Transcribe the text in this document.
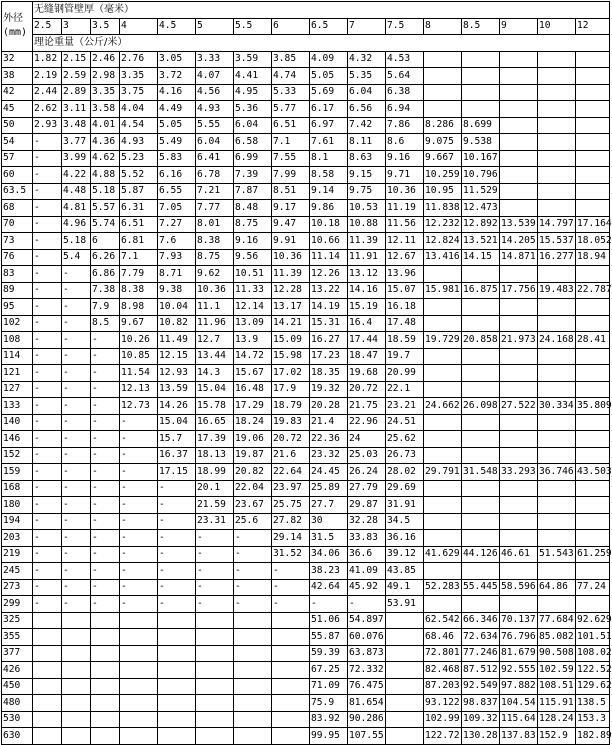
外径
(mm)	无缝钢管壁厚（毫米）															
	2.5	3	3.5	4	4.5	5	5.5	6	6.5	7	7.5	8	8.5	9	10	12
	理论重量（公斤/米）															
32	1.82	2.15	2.46	2.76	3.05	3.33	3.59	3.85	4.09	4.32	4.53					
38	2.19	2.59	2.98	3.35	3.72	4.07	4.41	4.74	5.05	5.35	5.64					
42	2.44	2.89	3.35	3.75	4.16	4.56	4.95	5.33	5.69	6.04	6.38					
45	2.62	3.11	3.58	4.04	4.49	4.93	5.36	5.77	6.17	6.56	6.94					
50	2.93	3.48	4.01	4.54	5.05	5.55	6.04	6.51	6.97	7.42	7.86	8.286	8.699			
54	-	3.77	4.36	4.93	5.49	6.04	6.58	7.1	7.61	8.11	8.6	9.075	9.538			
57	-	3.99	4.62	5.23	5.83	6.41	6.99	7.55	8.1	8.63	9.16	9.667	10.167			
60	-	4.22	4.88	5.52	6.16	6.78	7.39	7.99	8.58	9.15	9.71	10.259	10.796			
63.5	-	4.48	5.18	5.87	6.55	7.21	7.87	8.51	9.14	9.75	10.36	10.95	11.529			
68	-	4.81	5.57	6.31	7.05	7.77	8.48	9.17	9.86	10.53	11.19	11.838	12.473			
70	-	4.96	5.74	6.51	7.27	8.01	8.75	9.47	10.18	10.88	11.56	12.232	12.892	13.539	14.797	17.164
73	-	5.18	6	6.81	7.6	8.38	9.16	9.91	10.66	11.39	12.11	12.824	13.521	14.205	15.537	18.052
76	-	5.4	6.26	7.1	7.93	8.75	9.56	10.36	11.14	11.91	12.67	13.416	14.15	14.871	16.277	18.94
83	-	-	6.86	7.79	8.71	9.62	10.51	11.39	12.26	13.12	13.96					
89	-	-	7.38	8.38	9.38	10.36	11.33	12.28	13.22	14.16	15.07	15.981	16.875	17.756	19.483	22.787
95	-	-	7.9	8.98	10.04	11.1	12.14	13.17	14.19	15.19	16.18					
102	-	-	8.5	9.67	10.82	11.96	13.09	14.21	15.31	16.4	17.48					
108	-	-	-	10.26	11.49	12.7	13.9	15.09	16.27	17.44	18.59	19.729	20.858	21.973	24.168	28.41
114	-	-	-	10.85	12.15	13.44	14.72	15.98	17.23	18.47	19.7					
121	-	-	-	11.54	12.93	14.3	15.67	17.02	18.35	19.68	20.99					
127	-	-	-	12.13	13.59	15.04	16.48	17.9	19.32	20.72	22.1					
133	-	-	-	12.73	14.26	15.78	17.29	18.79	20.28	21.75	23.21	24.662	26.098	27.522	30.334	35.809
140	-	-	-	-	15.04	16.65	18.24	19.83	21.4	22.96	24.51					
146	-	-	-	-	15.7	17.39	19.06	20.72	22.36	24	25.62					
152	-	-	-	-	16.37	18.13	19.87	21.6	23.32	25.03	26.73					
159	-	-	-	-	17.15	18.99	20.82	22.64	24.45	26.24	28.02	29.791	31.548	33.293	36.746	43.503
168	-	-	-	-	-	20.1	22.04	23.97	25.89	27.79	29.69					
180	-	-	-	-	-	21.59	23.67	25.75	27.7	29.87	31.91					
194	-	-	-	-	-	23.31	25.6	27.82	30	32.28	34.5					
203	-	-	-	-	-	-	-	29.14	31.5	33.83	36.16					
219	-	-	-	-	-	-	-	31.52	34.06	36.6	39.12	41.629	44.126	46.61	51.543	61.259
245	-	-	-	-	-	-	-	-	38.23	41.09	43.85					
273	-	-	-	-	-	-	-	-	42.64	45.92	49.1	52.283	55.445	58.596	64.86	77.24
299	-	-	-	-	-	-	-	-	-	-	53.91					
325									51.06	54.897		62.542	66.346	70.137	77.684	92.629
355									55.87	60.076		68.46	72.634	76.796	85.082	101.51
377									59.39	63.873		72.801	77.246	81.679	90.508	108.02
426									67.25	72.332		82.468	87.512	92.555	102.59	122.52
450									71.09	76.475		87.203	92.549	97.882	108.51	129.62
480									75.9	81.654		93.122	98.837	104.54	115.91	138.5
530									83.92	90.286		102.99	109.32	115.64	128.24	153.3
630									99.95	107.55		122.72	130.28	137.83	152.9	182.89
